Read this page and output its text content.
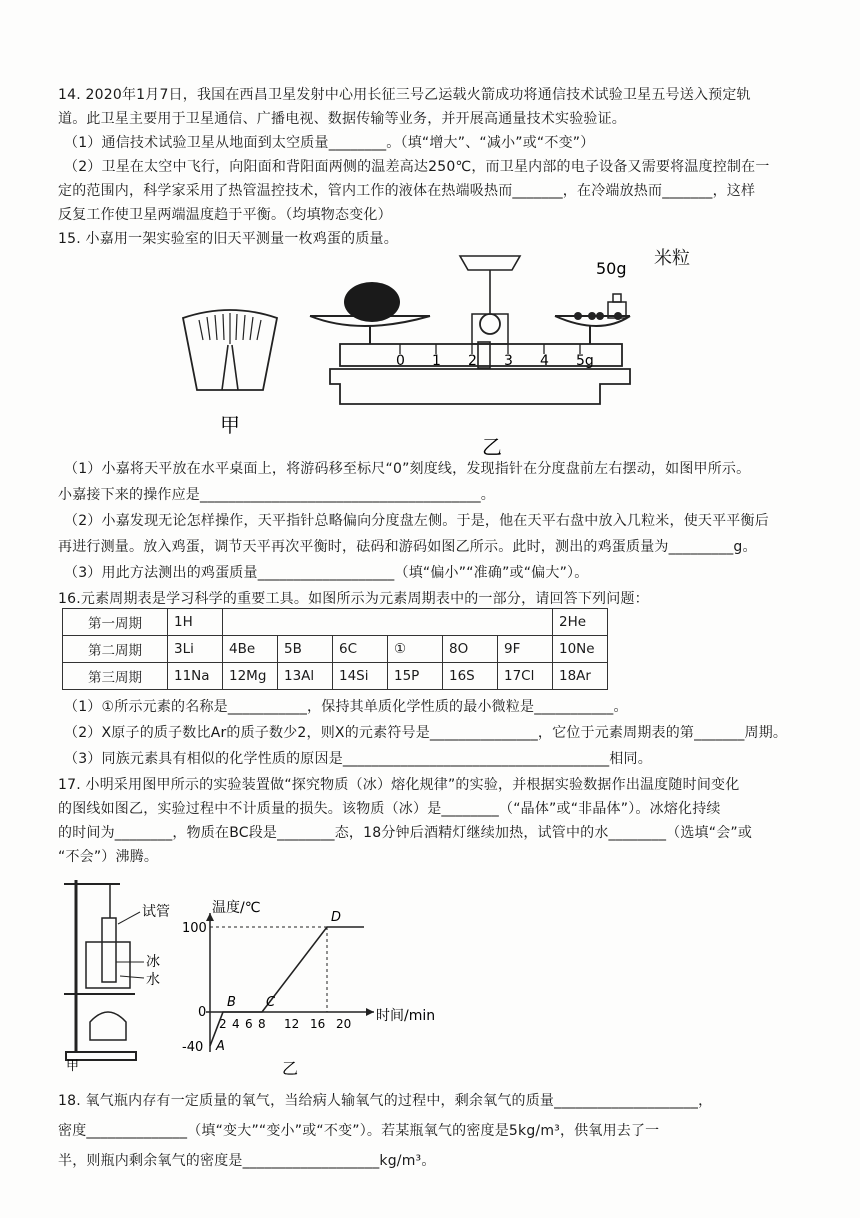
14. 2020年1月7日，我国在西昌卫星发射中心用长征三号乙运载火箭成功将通信技术试验卫星五号送入预定轨
道。此卫星主要用于卫星通信、广播电视、数据传输等业务，并开展高通量技术实验验证。
（1）通信技术试验卫星从地面到太空质量________。（填“增大”、“减小”或“不变”）
（2）卫星在太空中飞行，向阳面和背阳面两侧的温差高达250℃，而卫星内部的电子设备又需要将温度控制在一
定的范围内，科学家采用了热管温控技术，管内工作的液体在热端吸热而_______，在冷端放热而_______，这样
反复工作使卫星两端温度趋于平衡。（均填物态变化）
15. 小嘉用一架实验室的旧天平测量一枚鸡蛋的质量。
甲
50g
0 1 2 3 4 5g
乙
米粒
（1）小嘉将天平放在水平桌面上，将游码移至标尺“0”刻度线，发现指针在分度盘前左右摆动，如图甲所示。
小嘉接下来的操作应是_______________________________________。
（2）小嘉发现无论怎样操作，天平指针总略偏向分度盘左侧。于是，他在天平右盘中放入几粒米，使天平平衡后
再进行测量。放入鸡蛋，调节天平再次平衡时，砝码和游码如图乙所示。此时，测出的鸡蛋质量为_________g。
（3）用此方法测出的鸡蛋质量___________________（填“偏小”“准确”或“偏大”）。
16.元素周期表是学习科学的重要工具。如图所示为元素周期表中的一部分，请回答下列问题：
第一周期	1H							2He
第二周期	3Li	4Be	5B	6C	①	8O	9F	10Ne
第三周期	11Na	12Mg	13Al	14Si	15P	16S	17Cl	18Ar
（1）①所示元素的名称是___________，保持其单质化学性质的最小微粒是___________。
（2）X原子的质子数比Ar的质子数少2，则X的元素符号是_______________，它位于元素周期表的第_______周期。
（3）同族元素具有相似的化学性质的原因是_____________________________________相同。
17. 小明采用图甲所示的实验装置做“探究物质（冰）熔化规律”的实验，并根据实验数据作出温度随时间变化
的图线如图乙，实验过程中不计质量的损失。该物质（冰）是________（“晶体”或“非晶体”）。冰熔化持续
的时间为________，物质在BC段是________态，18分钟后酒精灯继续加热，试管中的水________（选填“会”或
“不会”）沸腾。
试管
冰
水
甲
温度/℃
时间/min
乙
100
-40
2 4 6 8 12 16 20
0
A
B C
D
18. 氧气瓶内存有一定质量的氧气，当给病人输氧气的过程中，剩余氧气的质量____________________，
密度______________（填“变大”“变小”或“不变”）。若某瓶氧气的密度是5kg/m³，供氧用去了一
半，则瓶内剩余氧气的密度是___________________kg/m³。
